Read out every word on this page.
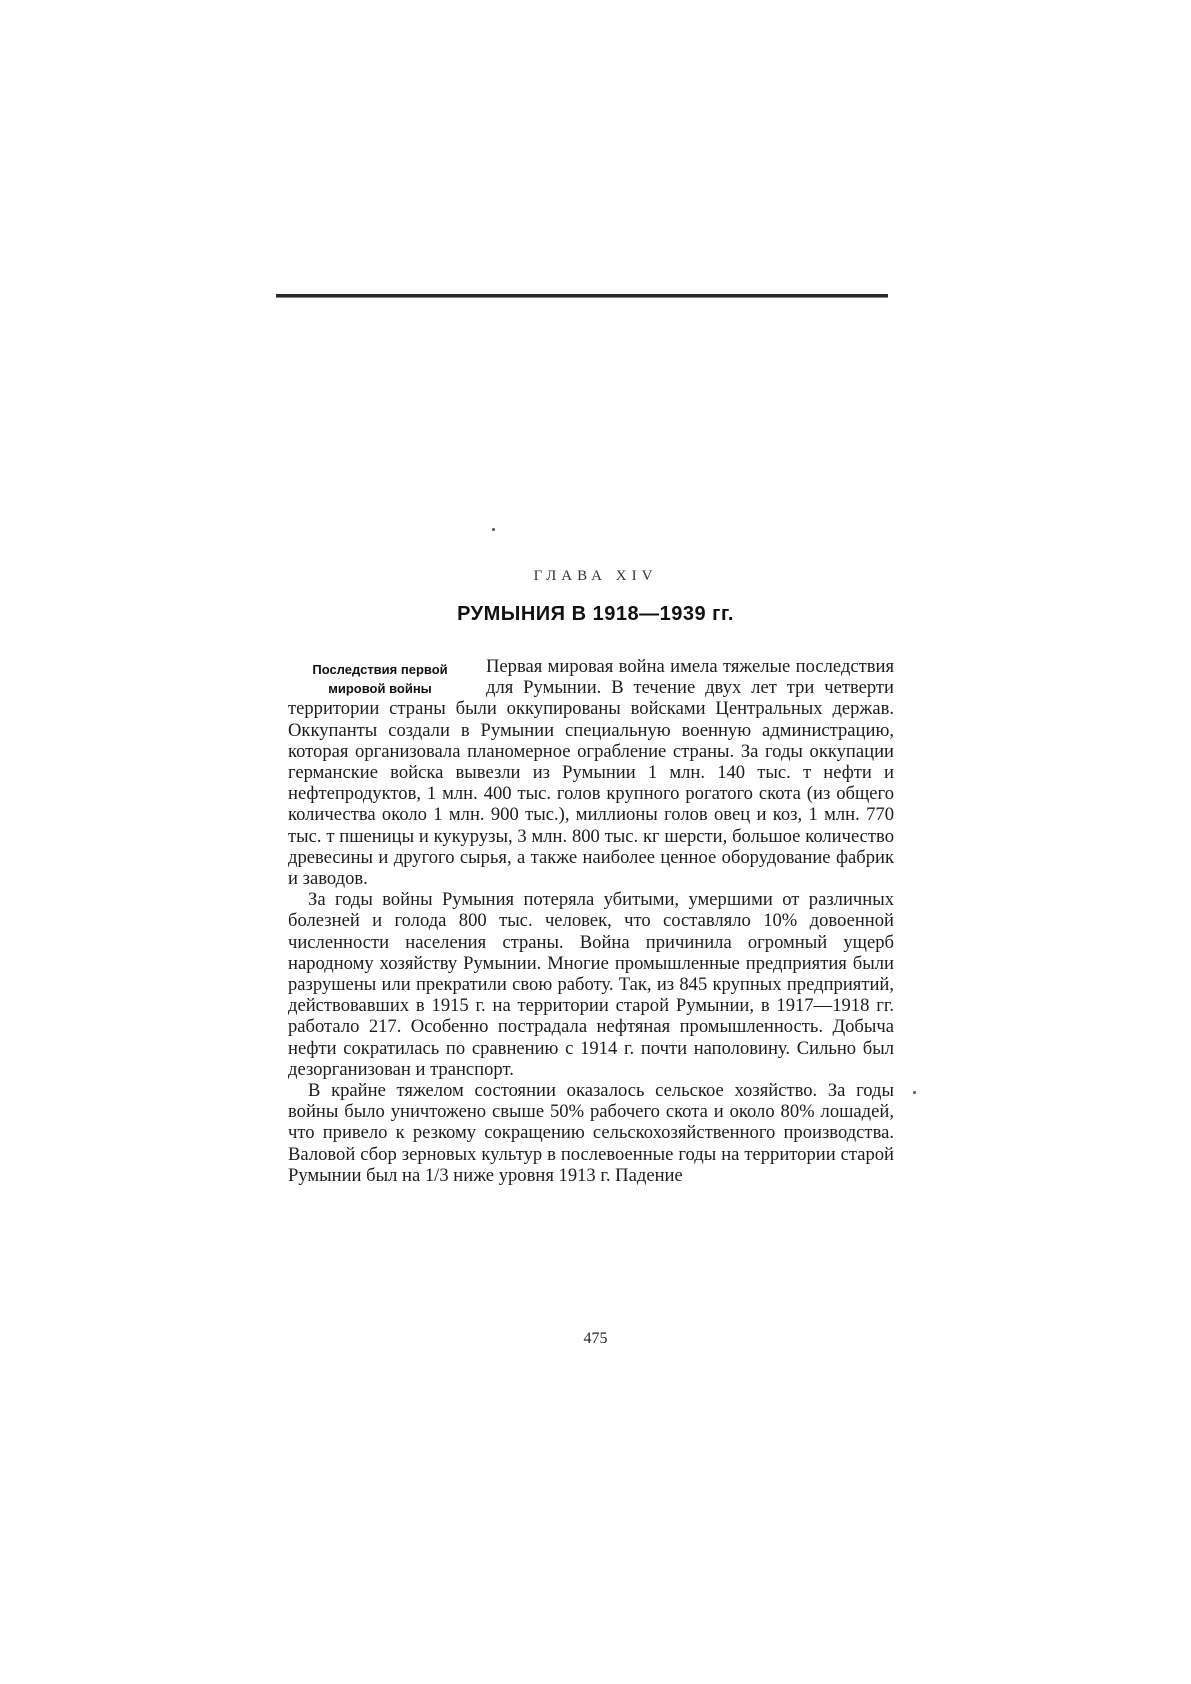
ГЛАВА XIV
РУМЫНИЯ В 1918—1939 гг.
Последствия первой мировой войны

Первая мировая война имела тяжелые последствия для Румынии. В течение двух лет три четверти территории страны были оккупированы войсками Центральных держав. Оккупанты создали в Румынии специальную военную администрацию, которая организовала планомерное ограбление страны. За годы оккупации германские войска вывезли из Румынии 1 млн. 140 тыс. т нефти и нефтепродуктов, 1 млн. 400 тыс. голов крупного рогатого скота (из общего количества около 1 млн. 900 тыс.), миллионы голов овец и коз, 1 млн. 770 тыс. т пшеницы и кукурузы, 3 млн. 800 тыс. кг шерсти, большое количество древесины и другого сырья, а также наиболее ценное оборудование фабрик и заводов.

За годы войны Румыния потеряла убитыми, умершими от различных болезней и голода 800 тыс. человек, что составляло 10% довоенной численности населения страны. Война причинила огромный ущерб народному хозяйству Румынии. Многие промышленные предприятия были разрушены или прекратили свою работу. Так, из 845 крупных предприятий, действовавших в 1915 г. на территории старой Румынии, в 1917—1918 гг. работало 217. Особенно пострадала нефтяная промышленность. Добыча нефти сократилась по сравнению с 1914 г. почти наполовину. Сильно был дезорганизован и транспорт.

В крайне тяжелом состоянии оказалось сельское хозяйство. За годы войны было уничтожено свыше 50% рабочего скота и около 80% лошадей, что привело к резкому сокращению сельскохозяйственного производства. Валовой сбор зерновых культур в послевоенные годы на территории старой Румынии был на 1/3 ниже уровня 1913 г. Падение

475
